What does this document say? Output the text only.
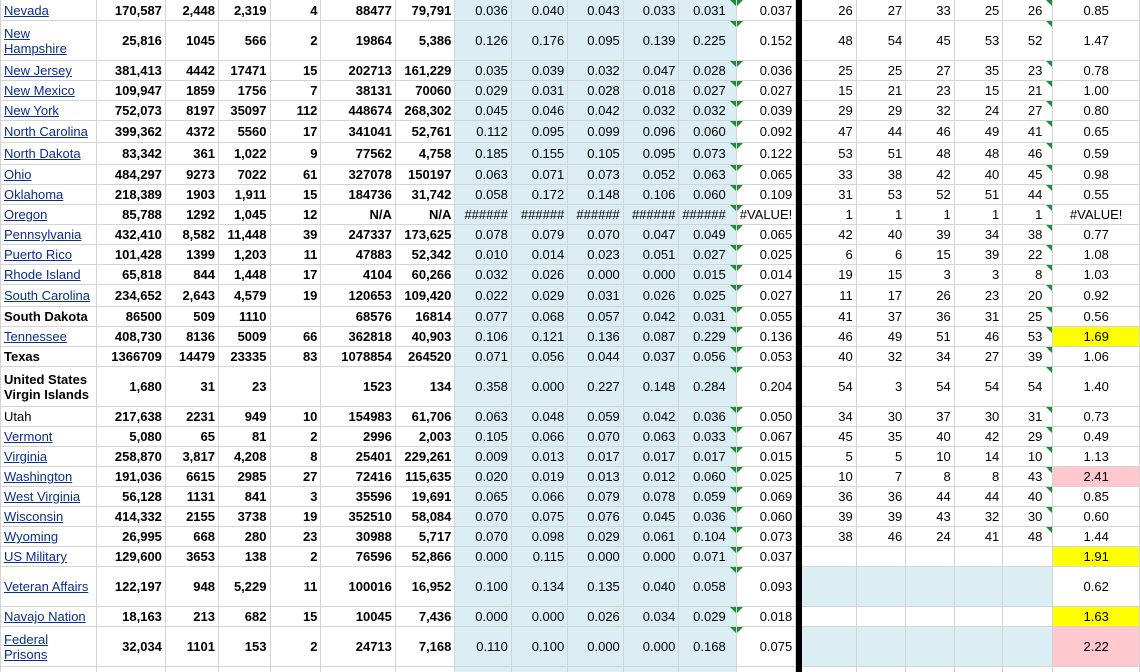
Nevada	170,587	2,448	2,319	4	88477	79,791	0.036	0.040	0.043	0.033	0.031	0.037		26	27	33	25	26	0.85
New Hampshire	25,816	1045	566	2	19864	5,386	0.126	0.176	0.095	0.139	0.225	0.152		48	54	45	53	52	1.47
New Jersey	381,413	4442	17471	15	202713	161,229	0.035	0.039	0.032	0.047	0.028	0.036		25	25	27	35	23	0.78
New Mexico	109,947	1859	1756	7	38131	70060	0.029	0.031	0.028	0.018	0.027	0.027		15	21	23	15	21	1.00
New York	752,073	8197	35097	112	448674	268,302	0.045	0.046	0.042	0.032	0.032	0.039		29	29	32	24	27	0.80
North Carolina	399,362	4372	5560	17	341041	52,761	0.112	0.095	0.099	0.096	0.060	0.092		47	44	46	49	41	0.65
North Dakota	83,342	361	1,022	9	77562	4,758	0.185	0.155	0.105	0.095	0.073	0.122		53	51	48	48	46	0.59
Ohio	484,297	9273	7022	61	327078	150197	0.063	0.071	0.073	0.052	0.063	0.065		33	38	42	40	45	0.98
Oklahoma	218,389	1903	1,911	15	184736	31,742	0.058	0.172	0.148	0.106	0.060	0.109		31	53	52	51	44	0.55
Oregon	85,788	1292	1,045	12	N/A	N/A	######	######	######	######	######	#VALUE!		1	1	1	1	1	#VALUE!
Pennsylvania	432,410	8,582	11,448	39	247337	173,625	0.078	0.079	0.070	0.047	0.049	0.065		42	40	39	34	38	0.77
Puerto Rico	101,428	1399	1,203	11	47883	52,342	0.010	0.014	0.023	0.051	0.027	0.025		6	6	15	39	22	1.08
Rhode Island	65,818	844	1,448	17	4104	60,266	0.032	0.026	0.000	0.000	0.015	0.014		19	15	3	3	8	1.03
South Carolina	234,652	2,643	4,579	19	120653	109,420	0.022	0.029	0.031	0.026	0.025	0.027		11	17	26	23	20	0.92
South Dakota	86500	509	1110		68576	16814	0.077	0.068	0.057	0.042	0.031	0.055		41	37	36	31	25	0.56
Tennessee	408,730	8136	5009	66	362818	40,903	0.106	0.121	0.136	0.087	0.229	0.136		46	49	51	46	53	1.69
Texas	1366709	14479	23335	83	1078854	264520	0.071	0.056	0.044	0.037	0.056	0.053		40	32	34	27	39	1.06
United States Virgin Islands	1,680	31	23		1523	134	0.358	0.000	0.227	0.148	0.284	0.204		54	3	54	54	54	1.40
Utah	217,638	2231	949	10	154983	61,706	0.063	0.048	0.059	0.042	0.036	0.050		34	30	37	30	31	0.73
Vermont	5,080	65	81	2	2996	2,003	0.105	0.066	0.070	0.063	0.033	0.067		45	35	40	42	29	0.49
Virginia	258,870	3,817	4,208	8	25401	229,261	0.009	0.013	0.017	0.017	0.017	0.015		5	5	10	14	10	1.13
Washington	191,036	6615	2985	27	72416	115,635	0.020	0.019	0.013	0.012	0.060	0.025		10	7	8	8	43	2.41
West Virginia	56,128	1131	841	3	35596	19,691	0.065	0.066	0.079	0.078	0.059	0.069		36	36	44	44	40	0.85
Wisconsin	414,332	2155	3738	19	352510	58,084	0.070	0.075	0.076	0.045	0.036	0.060		39	39	43	32	30	0.60
Wyoming	26,995	668	280	23	30988	5,717	0.070	0.098	0.029	0.061	0.104	0.073		38	46	24	41	48	1.44
US Military	129,600	3653	138	2	76596	52,866	0.000	0.115	0.000	0.000	0.071	0.037							1.91
Veteran Affairs	122,197	948	5,229	11	100016	16,952	0.100	0.134	0.135	0.040	0.058	0.093							0.62
Navajo Nation	18,163	213	682	15	10045	7,436	0.000	0.000	0.026	0.034	0.029	0.018							1.63
Federal Prisons	32,034	1101	153	2	24713	7,168	0.110	0.100	0.000	0.000	0.168	0.075							2.22
